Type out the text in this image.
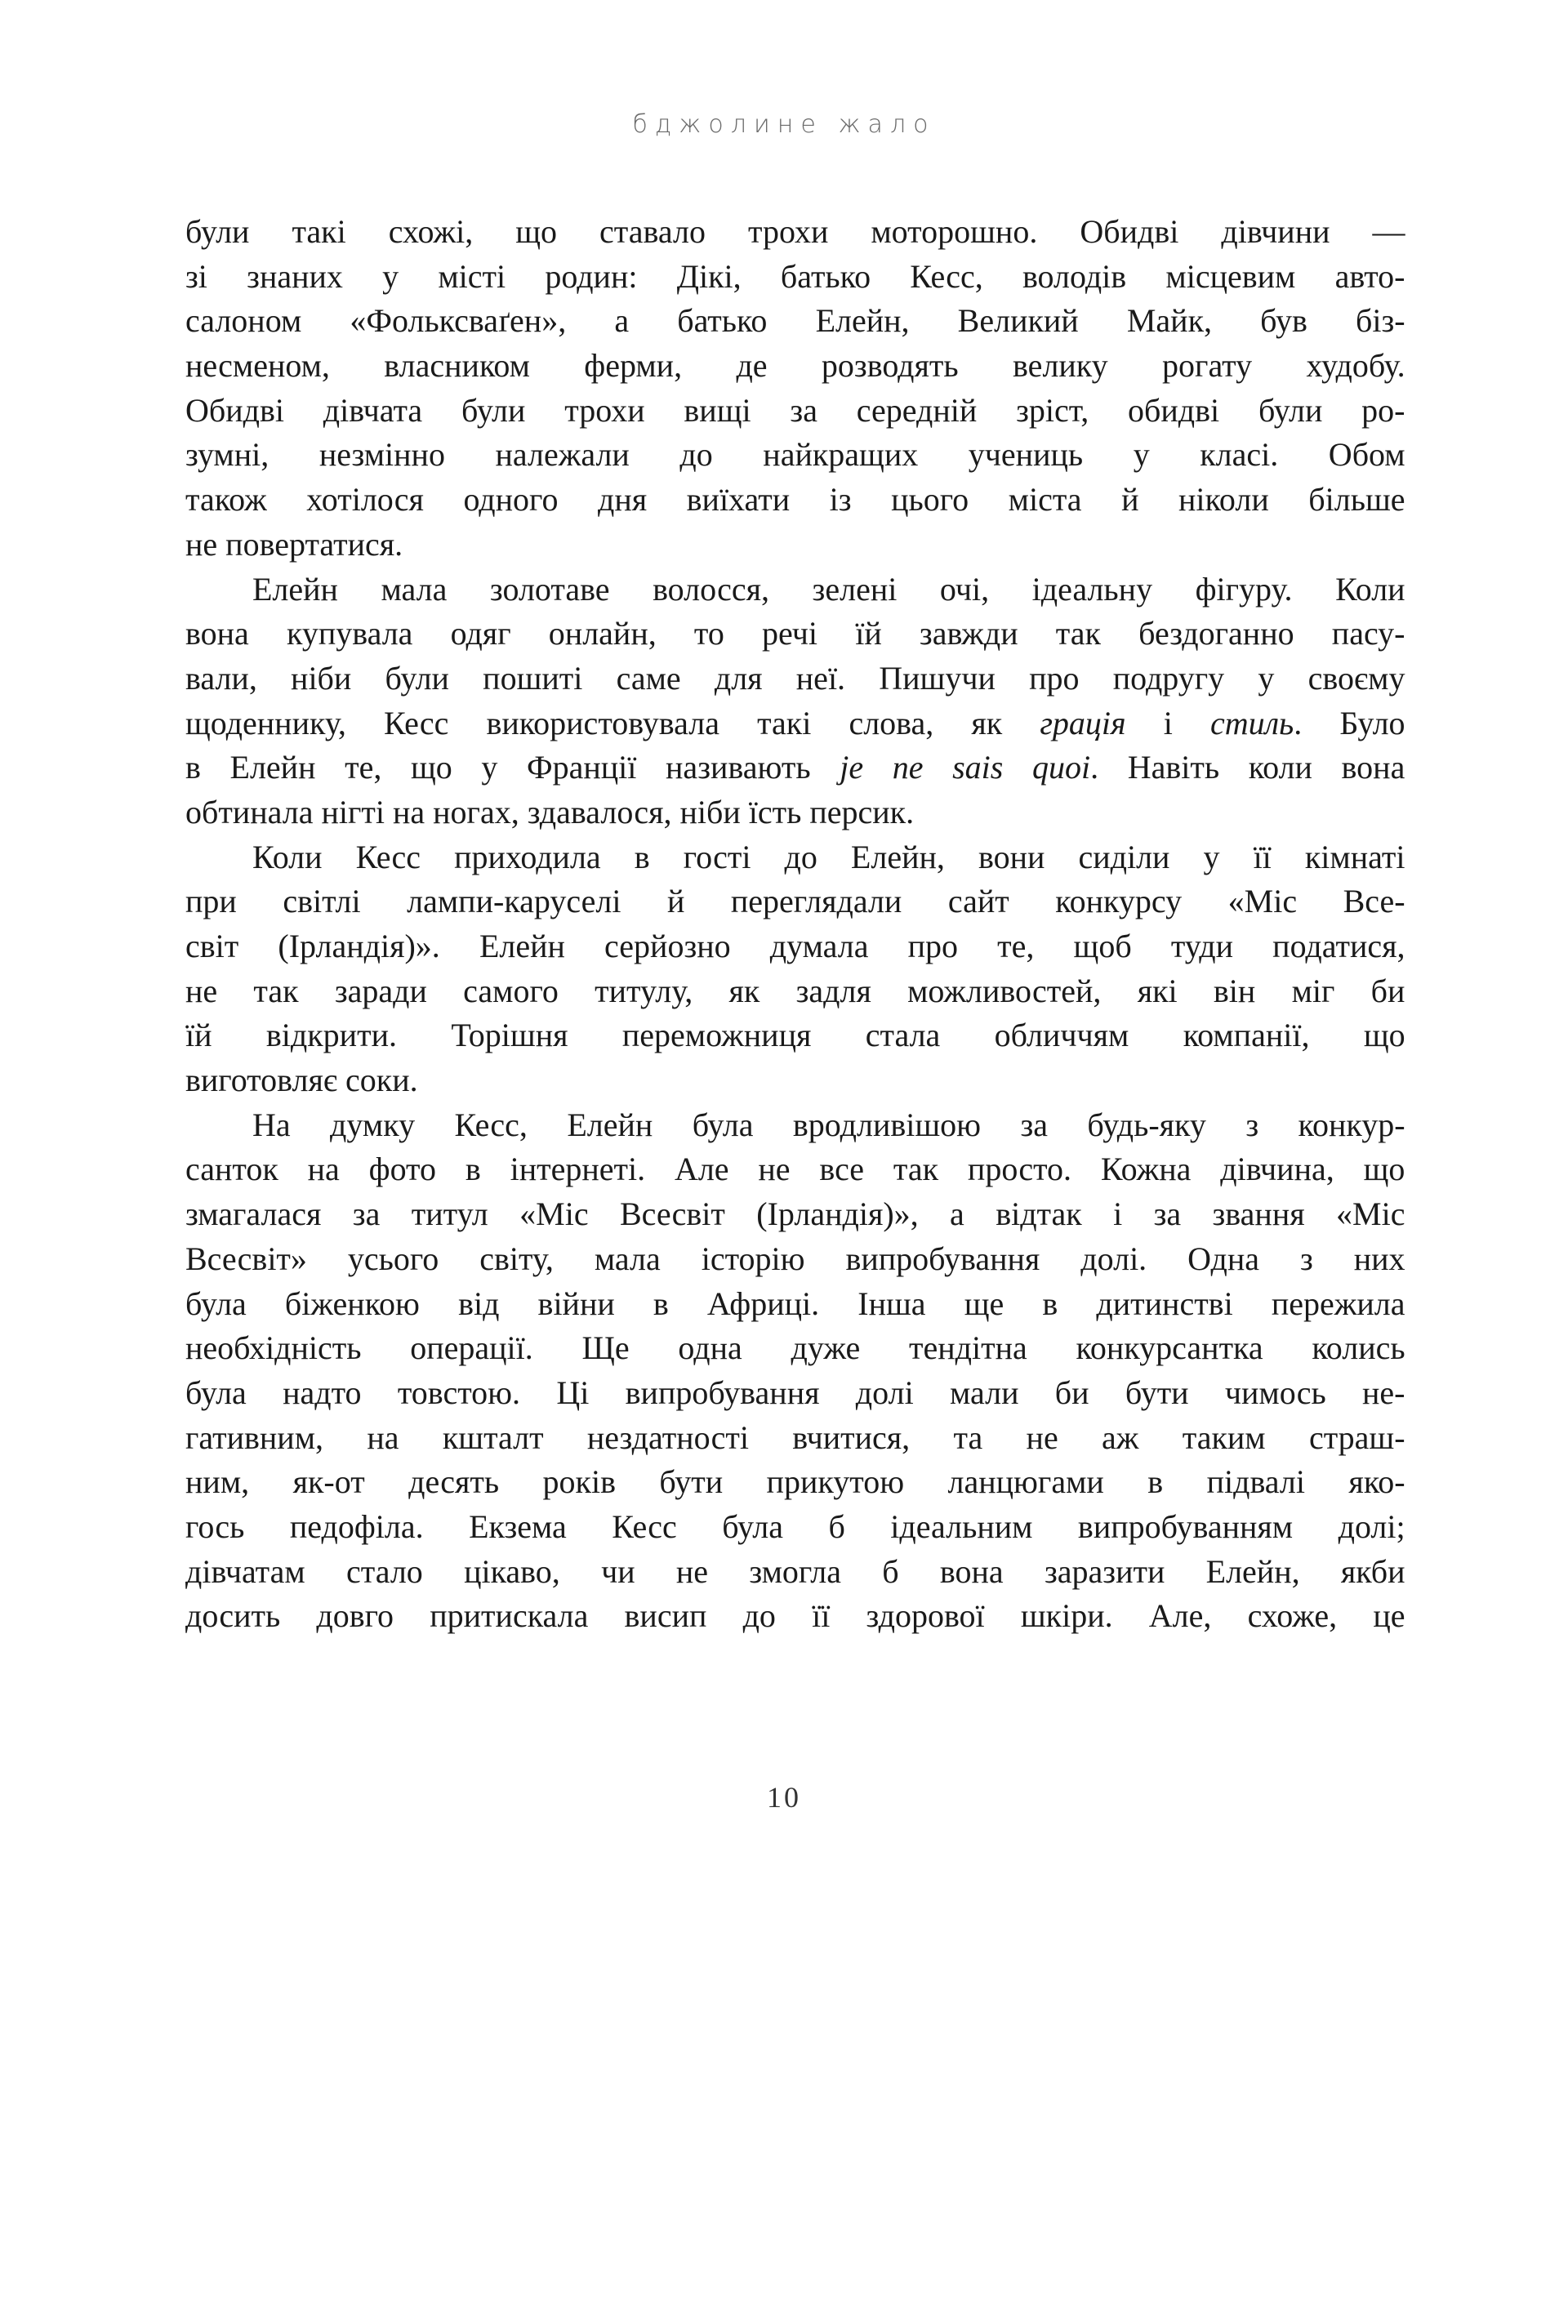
бджолине жало
були такі схожі, що ставало трохи моторошно. Обидві дівчини —
зі знаних у місті родин: Дікі, батько Кесс, володів місцевим авто-
салоном «Фольксваґен», а батько Елейн, Великий Майк, був біз-
несменом, власником ферми, де розводять велику рогату худобу.
Обидві дівчата були трохи вищі за середній зріст, обидві були ро-
зумні, незмінно належали до найкращих учениць у класі. Обом
також хотілося одного дня виїхати із цього міста й ніколи більше
не повертатися.
Елейн мала золотаве волосся, зелені очі, ідеальну фігуру. Коли
вона купувала одяг онлайн, то речі їй завжди так бездоганно пасу-
вали, ніби були пошиті саме для неї. Пишучи про подругу у своєму
щоденнику, Кесс використовувала такі слова, як грація і стиль. Було
в Елейн те, що у Франції називають je ne sais quoi. Навіть коли вона
обтинала нігті на ногах, здавалося, ніби їсть персик.
Коли Кесс приходила в гості до Елейн, вони сиділи у її кімнаті
при світлі лампи-каруселі й переглядали сайт конкурсу «Міс Все-
світ (Ірландія)». Елейн серйозно думала про те, щоб туди податися,
не так заради самого титулу, як задля можливостей, які він міг би
їй відкрити. Торішня переможниця стала обличчям компанії, що
виготовляє соки.
На думку Кесс, Елейн була вродливішою за будь-яку з конкур-
санток на фото в інтернеті. Але не все так просто. Кожна дівчина, що
змагалася за титул «Міс Всесвіт (Ірландія)», а відтак і за звання «Міс
Всесвіт» усього світу, мала історію випробування долі. Одна з них
була біженкою від війни в Африці. Інша ще в дитинстві пережила
необхідність операції. Ще одна дуже тендітна конкурсантка колись
була надто товстою. Ці випробування долі мали би бути чимось не-
гативним, на кшталт нездатності вчитися, та не аж таким страш-
ним, як-от десять років бути прикутою ланцюгами в підвалі яко-
гось педофіла. Екзема Кесс була б ідеальним випробуванням долі;
дівчатам стало цікаво, чи не змогла б вона заразити Елейн, якби
досить довго притискала висип до її здорової шкіри. Але, схоже, це
10
